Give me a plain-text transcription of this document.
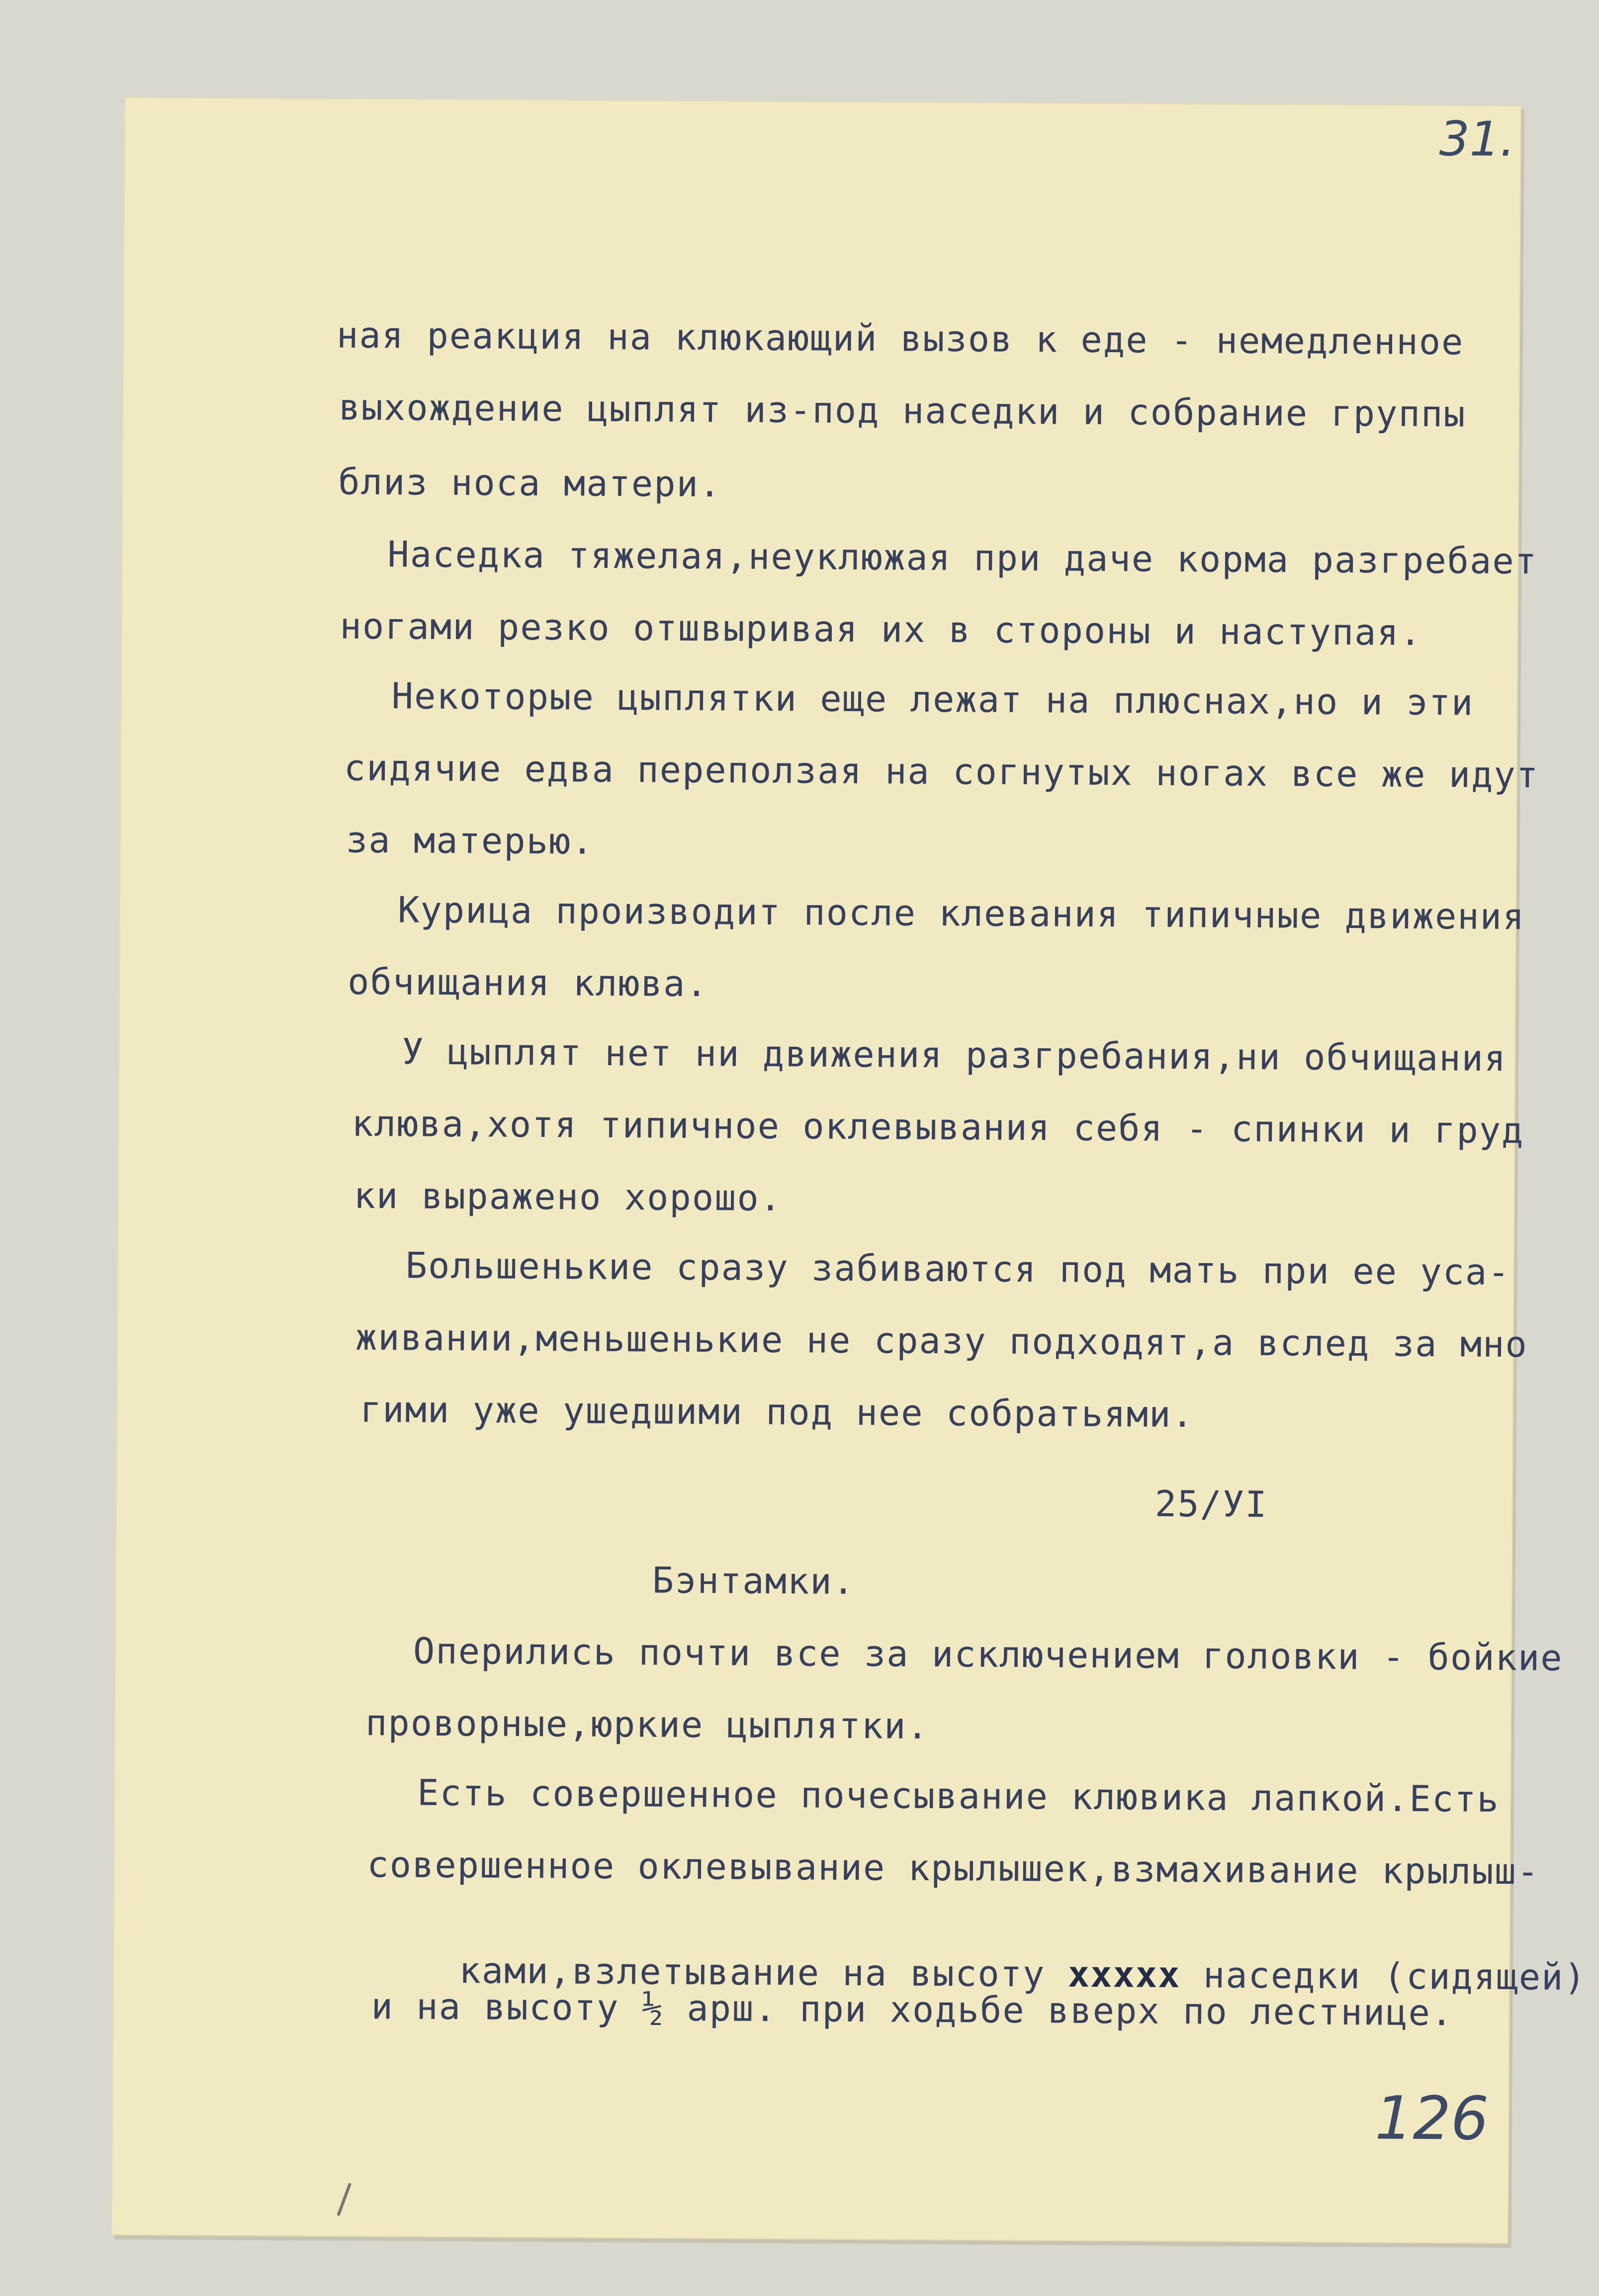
31.
ная реакция на клюкающий вызов к еде - немедленное
выхождение цыплят из-под наседки и собрание группы
близ носа матери.
Наседка тяжелая,неуклюжая при даче корма разгребает
ногами резко отшвыривая их в стороны и наступая.
Некоторые цыплятки еще лежат на плюснах,но и эти
сидячие едва переползая на согнутых ногах все же идут
за матерью.
Курица производит после клевания типичные движения
обчищания клюва.
У цыплят нет ни движения разгребания,ни обчищания
клюва,хотя типичное оклевывания себя - спинки и груд
ки выражено хорошо.
Большенькие сразу забиваются под мать при ее уса-
живании,меньшенькие не сразу подходят,а вслед за мно
гими уже ушедшими под нее собратьями.
25/УI
Бэнтамки.
Оперились почти все за исключением головки - бойкие
проворные,юркие цыплятки.
Есть совершенное почесывание клювика лапкой.Есть
совершенное оклевывание крылышек,взмахивание крылыш-

ками,взлетывание на высоту ххххх наседки (сидящей)

и на высоту ½ арш. при ходьбе вверх по лестнице.
126
